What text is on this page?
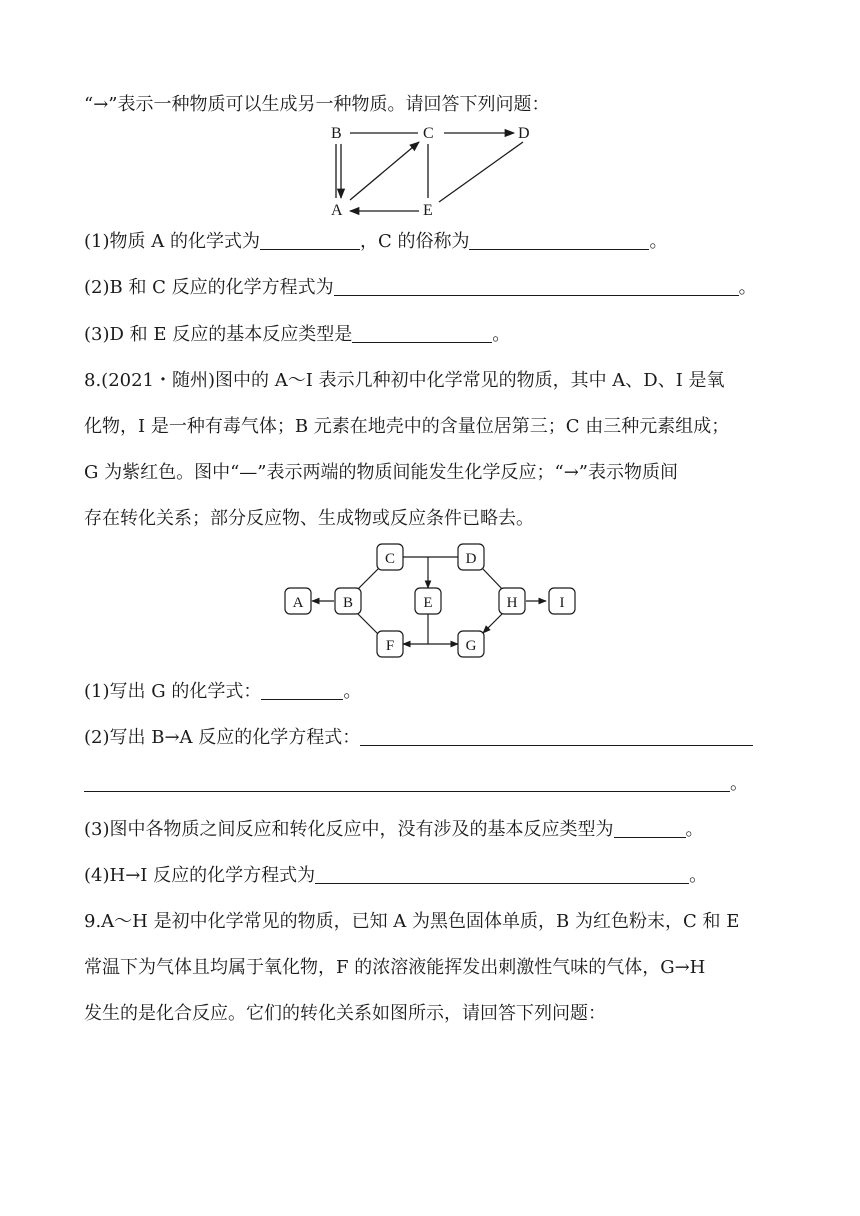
“→”表示一种物质可以生成另一种物质。请回答下列问题：

B	C	D
A	E

(1)物质 A 的化学式为	，C 的俗称为	。

(2)B 和 C 反应的化学方程式为	。

(3)D 和 E 反应的基本反应类型是	。

8.(2021・随州)图中的 A～I 表示几种初中化学常见的物质，其中 A、D、I 是氧

化物，I 是一种有毒气体；B 元素在地壳中的含量位居第三；C 由三种元素组成；

G 为紫红色。图中“—”表示两端的物质间能发生化学反应；“→”表示物质间

存在转化关系；部分反应物、生成物或反应条件已略去。

C	D
A	B	E	H	I
F	G

(1)写出 G 的化学式：	。

(2)写出 B→A 反应的化学方程式：

。

(3)图中各物质之间反应和转化反应中，没有涉及的基本反应类型为	。

(4)H→I 反应的化学方程式为	。

9.A～H 是初中化学常见的物质，已知 A 为黑色固体单质，B 为红色粉末，C 和 E

常温下为气体且均属于氧化物，F 的浓溶液能挥发出刺激性气味的气体，G→H

发生的是化合反应。它们的转化关系如图所示，请回答下列问题：
